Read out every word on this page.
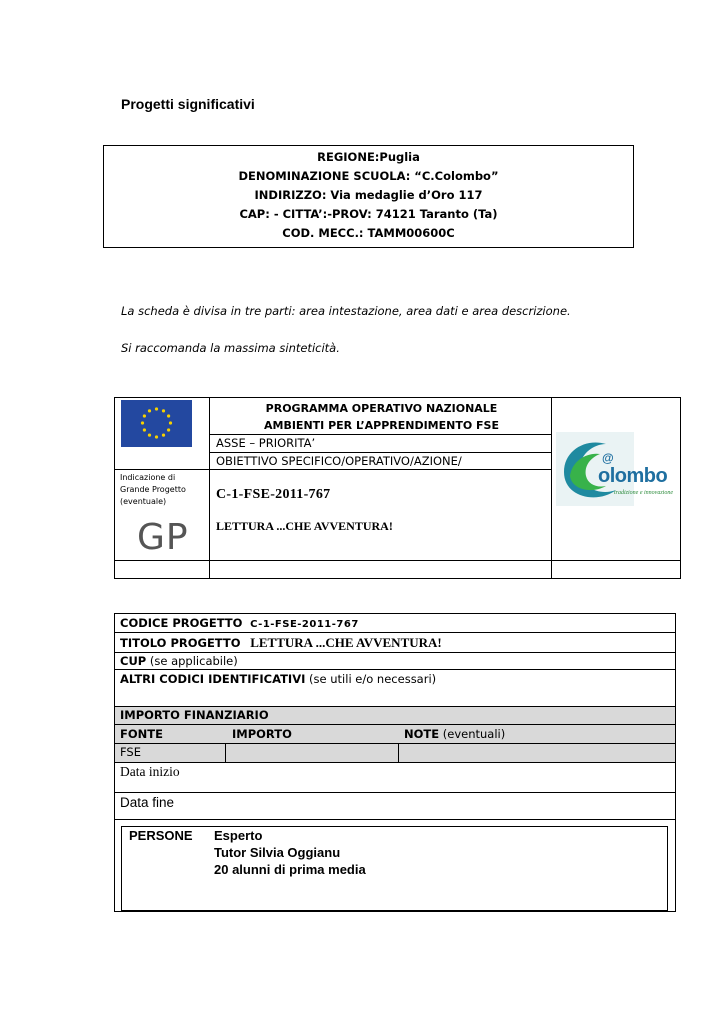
Progetti significativi
REGIONE:Puglia
DENOMINAZIONE SCUOLA: “C.Colombo”
INDIRIZZO: Via medaglie d’Oro 117
CAP: - CITTA’:-PROV: 74121 Taranto (Ta)
COD. MECC.: TAMM00600C
La scheda è divisa in tre parti: area intestazione, area dati e area descrizione.
Si raccomanda la massima sinteticità.
PROGRAMMA OPERATIVO NAZIONALE
AMBIENTI PER L’APPRENDIMENTO FSE
ASSE – PRIORITA’
OBIETTIVO SPECIFICO/OPERATIVO/AZIONE/
Indicazione di
Grande Progetto
(eventuale)
GP
C-1-FSE-2011-767
LETTURA ...CHE AVVENTURA!
@
olombo
tradizione e innovazione
CODICE PROGETTO C-1-FSE-2011-767
TITOLO PROGETTO LETTURA ...CHE AVVENTURA!
CUP (se applicabile)
ALTRI CODICI IDENTIFICATIVI (se utili e/o necessari)
IMPORTO FINANZIARIO
FONTE	IMPORTO	NOTE (eventuali)
FSE
Data inizio
Data fine
PERSONE Esperto
Tutor Silvia Oggianu
20 alunni di prima media
